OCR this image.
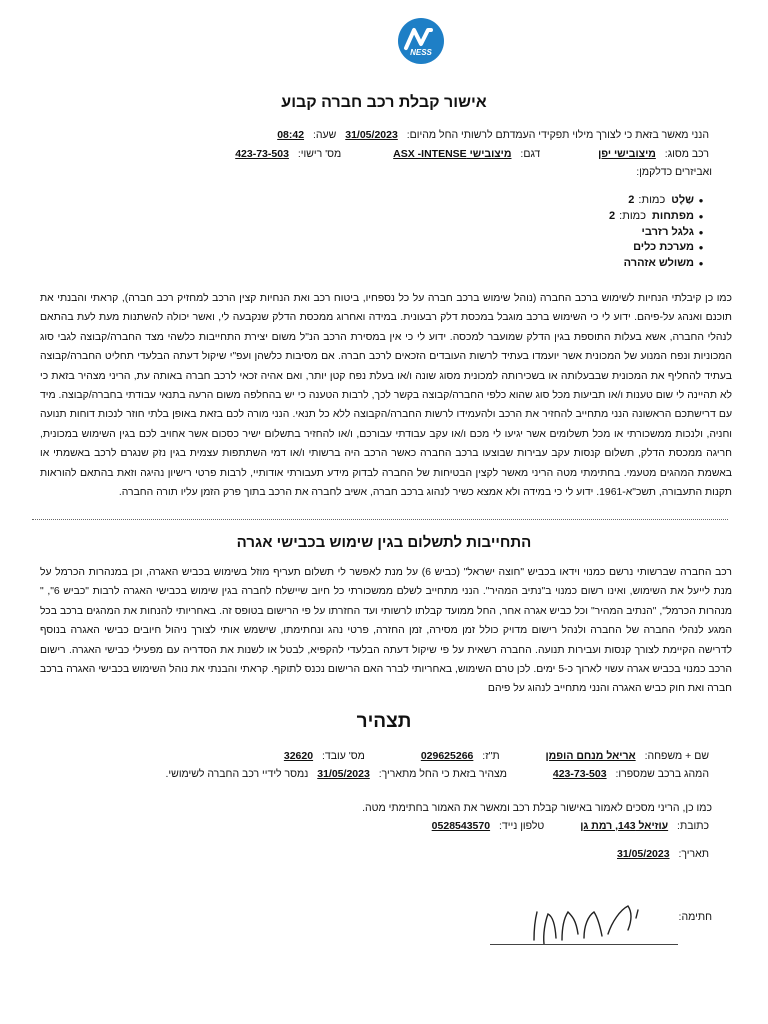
NESS
אישור קבלת רכב חברה קבוע
הנני מאשר בזאת כי לצורך מילוי תפקידי העמדתם לרשותי החל מהיום: 31/05/2023 שעה: 08:42
רכב מסוג: מיצובישי יפן דגם: מיצובישי ASX -INTENSE מס' רישוי: 423-73-503
ואביזרים כדלקמן:
●שַלָטכמות:2
●מפתחותכמות:2
●גלגל רזרבי
●מערכת כלים
●משולש אזהרה
כמו כן קיבלתי הנחיות לשימוש ברכב החברה (נוהל שימוש ברכב חברה על כל נספחיו, ביטוח רכב ואת הנחיות קצין הרכב למחזיק רכב חברה), קראתי והבנתי את תוכנם ואנהג על-פיהם. ידוע לי כי השימוש ברכב מוגבל במכסת דלק רבעונית. במידה ואחרוג ממכסת הדלק שנקבעה לי, ואשר יכולה להשתנות מעת לעת בהתאם לנהלי החברה, אשא בעלות התוספת בגין הדלק שמועבר למכסה. ידוע לי כי אין במסירת הרכב הנ"ל משום יצירת התחייבות כלשהי מצד החברה/קבוצה לגבי סוג המכוניות ונפח המנוע של המכונית אשר יועמדו בעתיד לרשות העובדים הזכאים לרכב חברה. אם מסיבות כלשהן ועפ"י שיקול דעתה הבלעדי תחליט החברה/קבוצה בעתיד להחליף את המכונית שבבעלותה או בשכירותה למכונית מסוג שונה ו/או בעלת נפח קטן יותר, ואם אהיה זכאי לרכב חברה באותה עת, הריני מצהיר בזאת כי לא תהיינה לי שום טענות ו/או תביעות מכל סוג שהוא כלפי החברה/קבוצה בקשר לכך, לרבות הטענה כי יש בהחלפה משום הרעה בתנאי עבודתי בחברה/קבוצה. מיד עם דרישתכם הראשונה הנני מתחייב להחזיר את הרכב ולהעמידו לרשות החברה/הקבוצה ללא כל תנאי. הנני מורה לכם בזאת באופן בלתי חוזר לנכות דוחות תנועה וחניה, ולנכות ממשכורתי או מכל תשלומים אשר יגיעו לי מכם ו/או עקב עבודתי עבורכם, ו/או להחזיר בתשלום ישיר כסכום אשר אחויב לכם בגין השימוש במכונית, חריגה ממכסת הדלק, תשלום קנסות עקב עבירות שבוצעו ברכב החברה כאשר הרכב היה ברשותי ו/או דמי השתתפות עצמית בגין נזק שנגרם לרכב באשמתי או באשמת המהגים מטעמי. בחתימתי מטה הריני מאשר לקצין הבטיחות של החברה לבדוק מידע תעבורתי אודותיי, לרבות פרטי רישיון נהיגה וזאת בהתאם להוראות תקנות התעבורה, תשכ"א-1961. ידוע לי כי במידה ולא אמצא כשיר לנהוג ברכב חברה, אשיב לחברה את הרכב בתוך פרק הזמן עליו תורה החברה.
התחייבות לתשלום בגין שימוש בכבישי אגרה
רכב החברה שברשותי נרשם כמנוי וידאו בכביש "חוצה ישראל" (כביש 6) על מנת לאפשר לי תשלום תעריף מוזל בשימוש בכביש האגרה, וכן במנהרות הכרמל על מנת לייעל את השימוש, ואינו רשום כמנוי ב"נתיב המהיר". הנני מתחייב לשלם ממשכורתי כל חיוב שיישלח לחברה בגין שימוש בכבישי האגרה לרבות "כביש 6", " מנהרות הכרמל", "הנתיב המהיר" וכל כביש אגרה אחר, החל ממועד קבלתו לרשותי ועד החזרתו על פי הרישום בטופס זה. באחריותי להנחות את המהגים ברכב בכל המגע לנהלי החברה של החברה ולנהל רישום מדויק כולל זמן מסירה, זמן החזרה, פרטי נהג ונחתימתו, שישמש אותי לצורך ניהול חיובים כבישי האגרה בנוסף לדרישה הקיימת לצורך קנסות ועבירות תנועה. החברה רשאית על פי שיקול דעתה הבלעדי להקפיא, לבטל או לשנות את הסדריה עם מפעילי כבישי האגרה. רישום הרכב כמנוי בכביש אגרה עשוי לארוך כ-5 ימים. לכן טרם השימוש, באחריותי לברר האם הרישום נכנס לתוקף. קראתי והבנתי את נוהל השימוש בכבישי האגרה ברכב חברה ואת חוק כביש האגרה והנני מתחייב לנהוג על פיהם
תצהיר
שם + משפחה: אריאל מנחם הופמן ת"ז: 029625266 מס' עובד: 32620
המהג ברכב שמספרו: 423-73-503 מצהיר בזאת כי החל מתאריך: 31/05/2023 נמסר לידיי רכב החברה לשימושי.
כמו כן, הריני מסכים לאמור באישור קבלת רכב ומאשר את האמור בחתימתי מטה.
כתובת: עוזיאל 143, רמת גן טלפון נייד: 0528543570
תאריך: 31/05/2023
חתימה:
